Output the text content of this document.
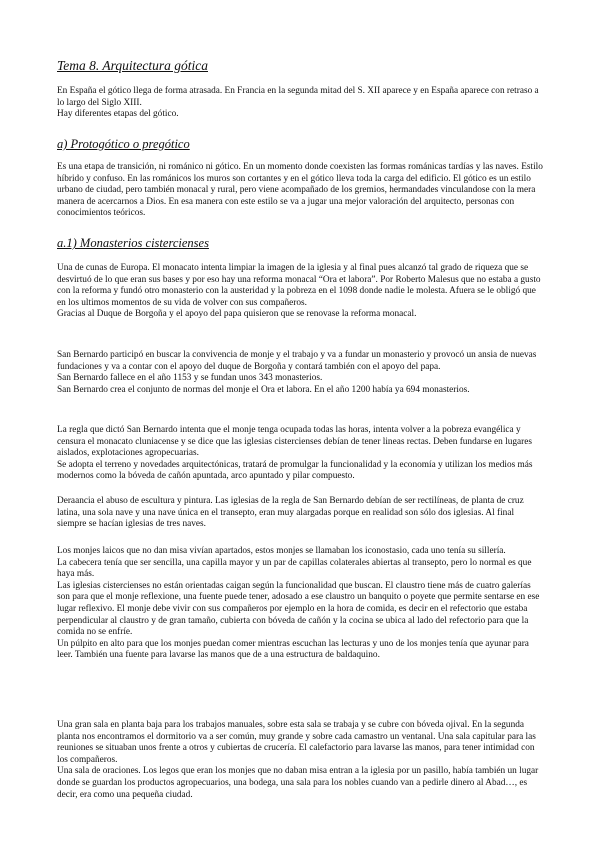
Tema 8. Arquitectura gótica

En España el gótico llega de forma atrasada. En Francia en la segunda mitad del S. XII aparece y en España aparece con retraso a lo largo del Siglo XIII.

Hay diferentes etapas del gótico.

a) Protogótico o pregótico

Es una etapa de transición, ni románico ni gótico. En un momento donde coexisten las formas románicas tardías y las naves. Estilo híbrido y confuso. En las románicos los muros son cortantes y en el gótico lleva toda la carga del edificio. El gótico es un estilo urbano de ciudad, pero también monacal y rural, pero viene acompañado de los gremios, hermandades vinculandose con la mera manera de acercarnos a Dios. En esa manera con este estilo se va a jugar una mejor valoración del arquitecto, personas con conocimientos teóricos.

a.1) Monasterios cistercienses

Una de cunas de Europa. El monacato intenta limpiar la imagen de la iglesia y al final pues alcanzó tal grado de riqueza que se desvirtuó de lo que eran sus bases y por eso hay una reforma monacal “Ora et labora”. Por Roberto Malesus que no estaba a gusto con la reforma y fundó otro monasterio con la austeridad y la pobreza en el 1098 donde nadie le molesta. Afuera se le obligó que en los ultimos momentos de su vida de volver con sus compañeros.

Gracias al Duque de Borgoña y el apoyo del papa quisieron que se renovase la reforma monacal.

San Bernardo participó en buscar la convivencia de monje y el trabajo y va a fundar un monasterio y provocó un ansia de nuevas fundaciones y va a contar con el apoyo del duque de Borgoña y contará también con el apoyo del papa.

San Bernardo fallece en el año 1153 y se fundan unos 343 monasterios.

San Bernardo crea el conjunto de normas del monje el Ora et labora. En el año 1200 había ya 694 monasterios.

La regla que dictó San Bernardo intenta que el monje tenga ocupada todas las horas, intenta volver a la pobreza evangélica y censura el monacato cluniacense y se dice que las iglesias cistercienses debían de tener lineas rectas. Deben fundarse en lugares aislados, explotaciones agropecuarias.

Se adopta el terreno y novedades arquitectónicas, tratará de promulgar la funcionalidad y la economía y utilizan los medios más modernos como la bóveda de cañón apuntada, arco apuntado y pilar compuesto.

Deraancia el abuso de escultura y pintura. Las iglesias de la regla de San Bernardo debían de ser rectilíneas, de planta de cruz latina, una sola nave y una nave única en el transepto, eran muy alargadas porque en realidad son sólo dos iglesias. Al final siempre se hacían iglesias de tres naves.

Los monjes laicos que no dan misa vivían apartados, estos monjes se llamaban los iconostasio, cada uno tenía su sillería.

La cabecera tenía que ser sencilla, una capilla mayor y un par de capillas colaterales abiertas al transepto, pero lo normal es que haya más.

Las iglesias cistercienses no están orientadas caigan según la funcionalidad que buscan. El claustro tiene más de cuatro galerías son para que el monje reflexione, una fuente puede tener, adosado a ese claustro un banquito o poyete que permite sentarse en ese lugar reflexivo. El monje debe vivir con sus compañeros por ejemplo en la hora de comida, es decir en el refectorio que estaba perpendicular al claustro y de gran tamaño, cubierta con bóveda de cañón y la cocina se ubica al lado del refectorio para que la comida no se enfríe.

Un púlpito en alto para que los monjes puedan comer mientras escuchan las lecturas y uno de los monjes tenía que ayunar para leer. También una fuente para lavarse las manos que de a una estructura de baldaquino.

Una gran sala en planta baja para los trabajos manuales, sobre esta sala se trabaja y se cubre con bóveda ojival. En la segunda planta nos encontramos el dormitorio va a ser común, muy grande y sobre cada camastro un ventanal. Una sala capitular para las reuniones se situaban unos frente a otros y cubiertas de crucería. El calefactorio para lavarse las manos, para tener intimidad con los compañeros.

Una sala de oraciones. Los legos que eran los monjes que no daban misa entran a la iglesia por un pasillo, había también un lugar donde se guardan los productos agropecuarios, una bodega, una sala para los nobles cuando van a pedirle dinero al Abad…, es decir, era como una pequeña ciudad.
